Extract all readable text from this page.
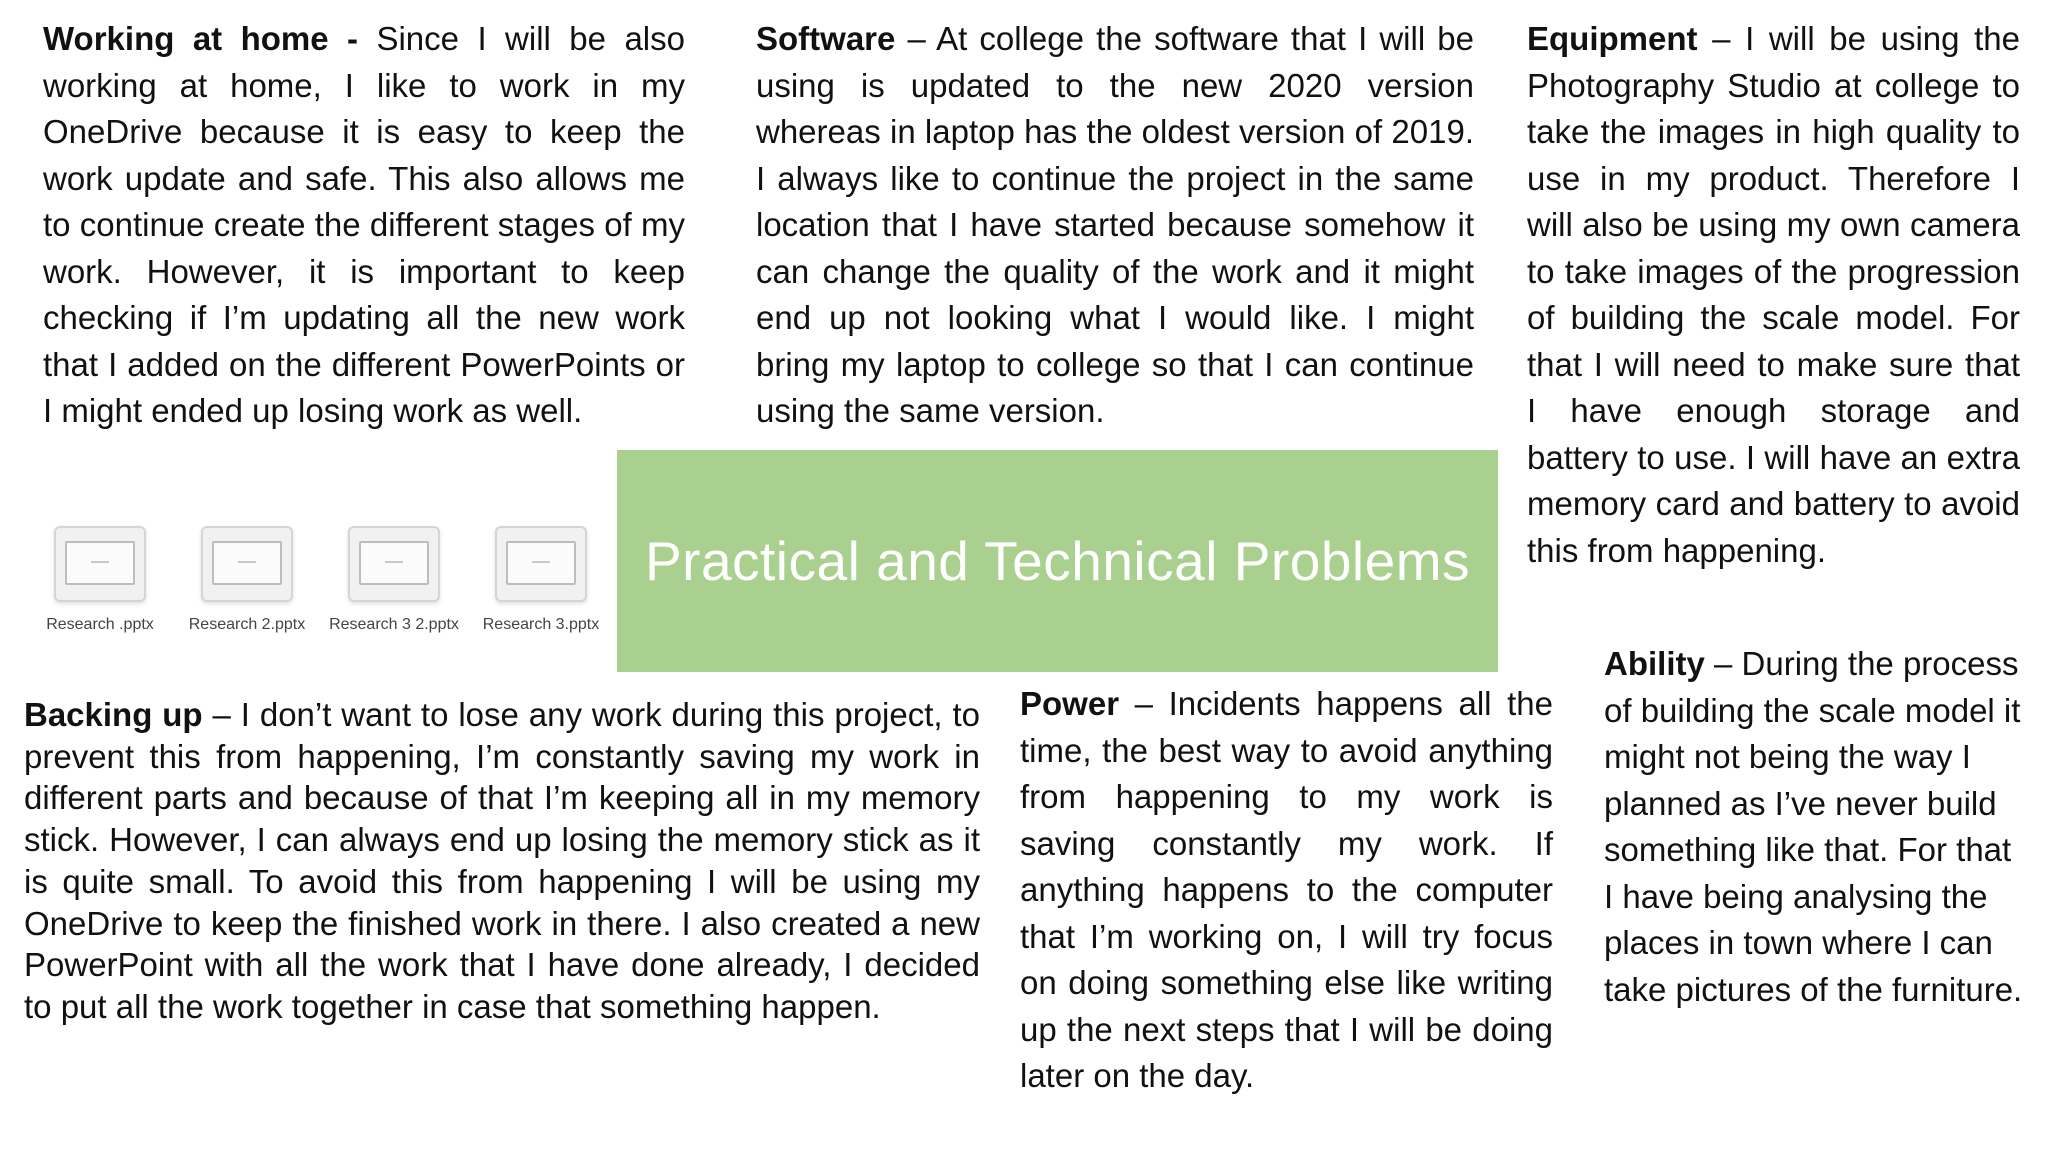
Working at home - Since I will be also working at home, I like to work in my OneDrive because it is easy to keep the work update and safe. This also allows me to continue create the different stages of my work. However, it is important to keep checking if I’m updating all the new work that I added on the different PowerPoints or I might ended up losing work as well.
Software – At college the software that I will be using is updated to the new 2020 version whereas in laptop has the oldest version of 2019. I always like to continue the project in the same location that I have started because somehow it can change the quality of the work and it might end up not looking what I would like. I might bring my laptop to college so that I can continue using the same version.
Equipment – I will be using the Photography Studio at college to take the images in high quality to use in my product. Therefore I will also be using my own camera to take images of the progression of building the scale model. For that I will need to make sure that I have enough storage and battery to use. I will have an extra memory card and battery to avoid this from happening.
Research .pptx	Research 2.pptx	Research 3 2.pptx	Research 3.pptx
Practical and Technical Problems
Backing up – I don’t want to lose any work during this project, to prevent this from happening, I’m constantly saving my work in different parts and because of that I’m keeping all in my memory stick. However, I can always end up losing the memory stick as it is quite small. To avoid this from happening I will be using my OneDrive to keep the finished work in there. I also created a new PowerPoint with all the work that I have done already, I decided to put all the work together in case that something happen.
Power – Incidents happens all the time, the best way to avoid anything from happening to my work is saving constantly my work. If anything happens to the computer that I’m working on, I will try focus on doing something else like writing up the next steps that I will be doing later on the day.
Ability – During the process of building the scale model it might not being the way I planned as I’ve never build something like that. For that I have being analysing the places in town where I can take pictures of the furniture.
